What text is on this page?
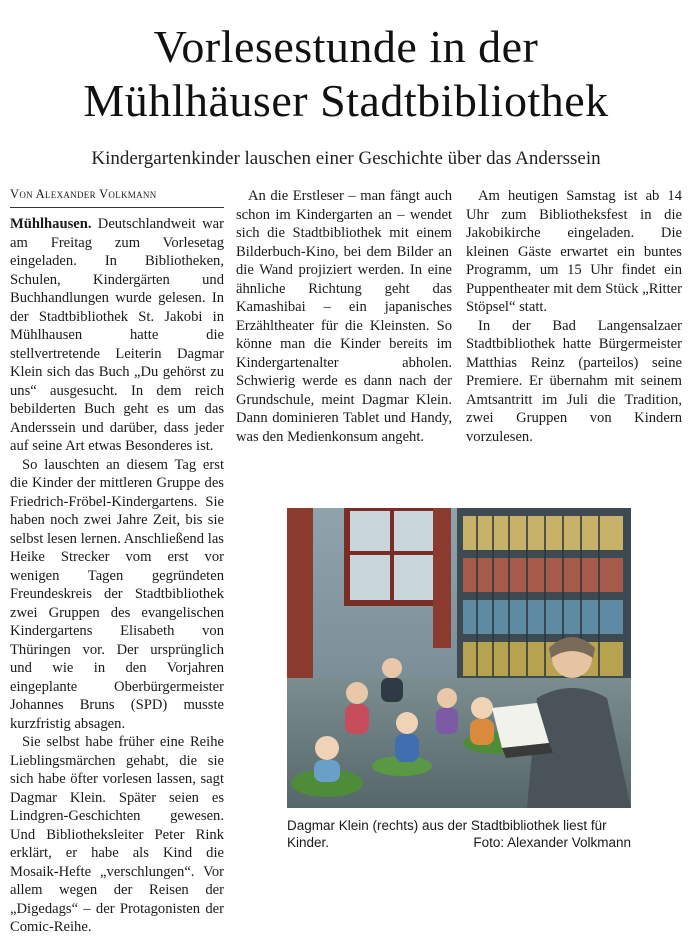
Vorlesestunde in der
Mühlhäuser Stadtbibliothek
Kindergartenkinder lauschen einer Geschichte über das Anderssein
Von Alexander Volkmann

Mühlhausen. Deutschlandweit war am Freitag zum Vorlesetag eingeladen. In Bibliotheken, Schulen, Kindergärten und Buchhandlungen wurde gelesen. In der Stadtbibliothek St. Jakobi in Mühlhausen hatte die stellvertretende Leiterin Dagmar Klein sich das Buch „Du gehörst zu uns“ ausgesucht. In dem reich bebilderten Buch geht es um das Anderssein und darüber, dass jeder auf seine Art etwas Besonderes ist.

So lauschten an diesem Tag erst die Kinder der mittleren Gruppe des Friedrich-Fröbel-Kindergartens. Sie haben noch zwei Jahre Zeit, bis sie selbst lesen lernen. Anschließend las Heike Strecker vom erst vor wenigen Tagen gegründeten Freundeskreis der Stadtbibliothek zwei Gruppen des evangelischen Kindergartens Elisabeth von Thüringen vor. Der ursprünglich und wie in den Vorjahren eingeplante Oberbürgermeister Johannes Bruns (SPD) musste kurzfristig absagen.

Sie selbst habe früher eine Reihe Lieblingsmärchen gehabt, die sie sich habe öfter vorlesen lassen, sagt Dagmar Klein. Später seien es Lindgren-Geschichten gewesen. Und Bibliotheksleiter Peter Rink erklärt, er habe als Kind die Mosaik-Hefte „verschlungen“. Vor allem wegen der Reisen der „Digedags“ – der Protagonisten der Comic-Reihe.

An die Erstleser – man fängt auch schon im Kindergarten an – wendet sich die Stadtbibliothek mit einem Bilderbuch-Kino, bei dem Bilder an die Wand projiziert werden. In eine ähnliche Richtung geht das Kamashibai – ein japanisches Erzähltheater für die Kleinsten. So könne man die Kinder bereits im Kindergartenalter abholen. Schwierig werde es dann nach der Grundschule, meint Dagmar Klein. Dann dominieren Tablet und Handy, was den Medienkonsum angeht.

Am heutigen Samstag ist ab 14 Uhr zum Bibliotheksfest in die Jakobikirche eingeladen. Die kleinen Gäste erwartet ein buntes Programm, um 15 Uhr findet ein Puppentheater mit dem Stück „Ritter Stöpsel“ statt.

In der Bad Langensalzaer Stadtbibliothek hatte Bürgermeister Matthias Reinz (parteilos) seine Premiere. Er übernahm mit seinem Amtsantritt im Juli die Tradition, zwei Gruppen von Kindern vorzulesen.

Dagmar Klein (rechts) aus der Stadtbibliothek liest für Kinder.	Foto: Alexander Volkmann
